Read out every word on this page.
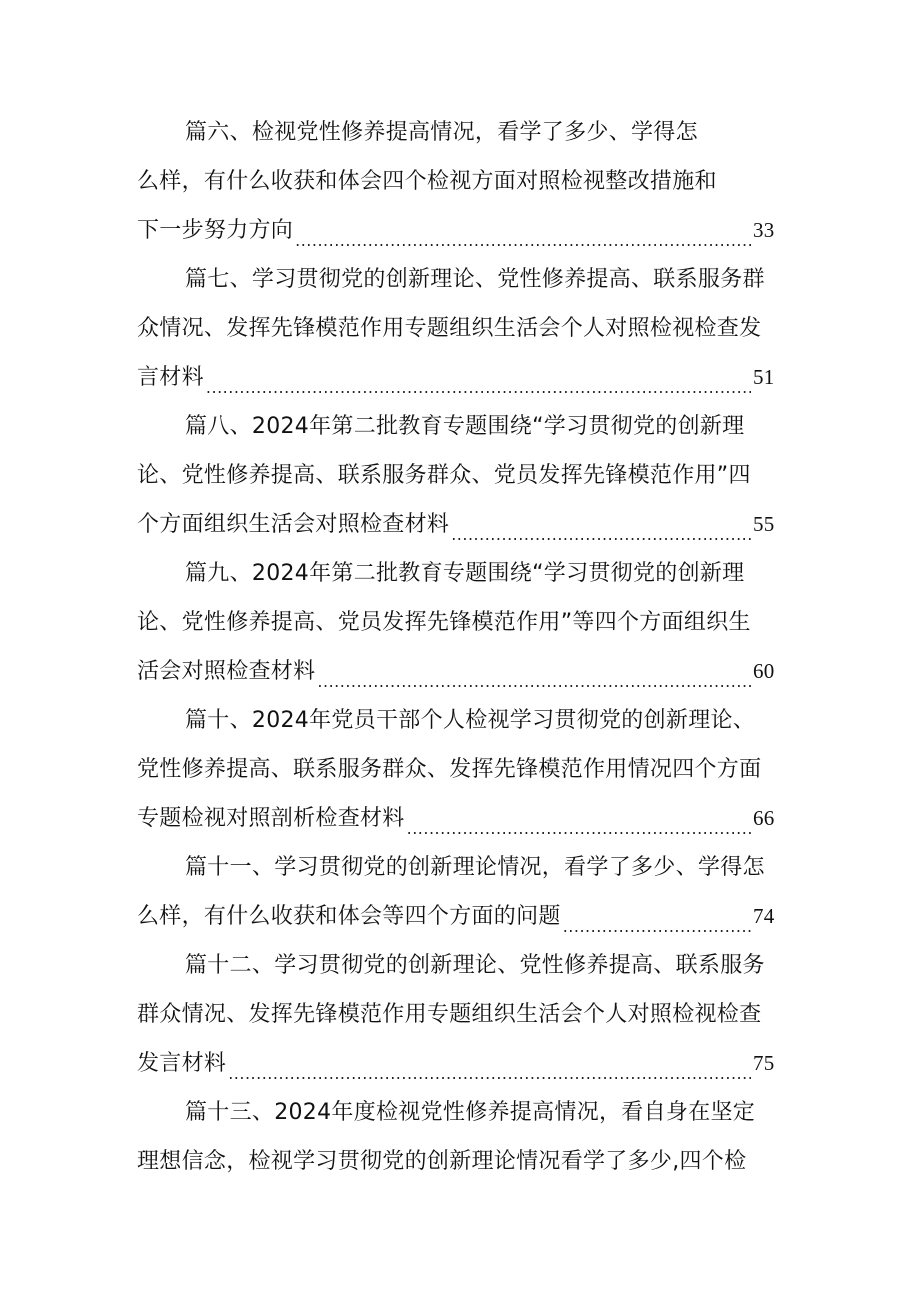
篇六、检视党性修养提高情况，看学了多少、学得怎
么样，有什么收获和体会四个检视方面对照检视整改措施和
下一步努力方向 .....	33
篇七、学习贯彻党的创新理论、党性修养提高、联系服务群
众情况、发挥先锋模范作用专题组织生活会个人对照检视检查发
言材料 .....	51
篇八、2024年第二批教育专题围绕“学习贯彻党的创新理
论、党性修养提高、联系服务群众、党员发挥先锋模范作用”四
个方面组织生活会对照检查材料 .....	55
篇九、2024年第二批教育专题围绕“学习贯彻党的创新理
论、党性修养提高、党员发挥先锋模范作用”等四个方面组织生
活会对照检查材料 .....	60
篇十、2024年党员干部个人检视学习贯彻党的创新理论、
党性修养提高、联系服务群众、发挥先锋模范作用情况四个方面
专题检视对照剖析检查材料 .....	66
篇十一、学习贯彻党的创新理论情况，看学了多少、学得怎
么样，有什么收获和体会等四个方面的问题 .....	74
篇十二、学习贯彻党的创新理论、党性修养提高、联系服务
群众情况、发挥先锋模范作用专题组织生活会个人对照检视检查
发言材料 .....	75
篇十三、2024年度检视党性修养提高情况，看自身在坚定
理想信念，检视学习贯彻党的创新理论情况看学了多少,四个检
